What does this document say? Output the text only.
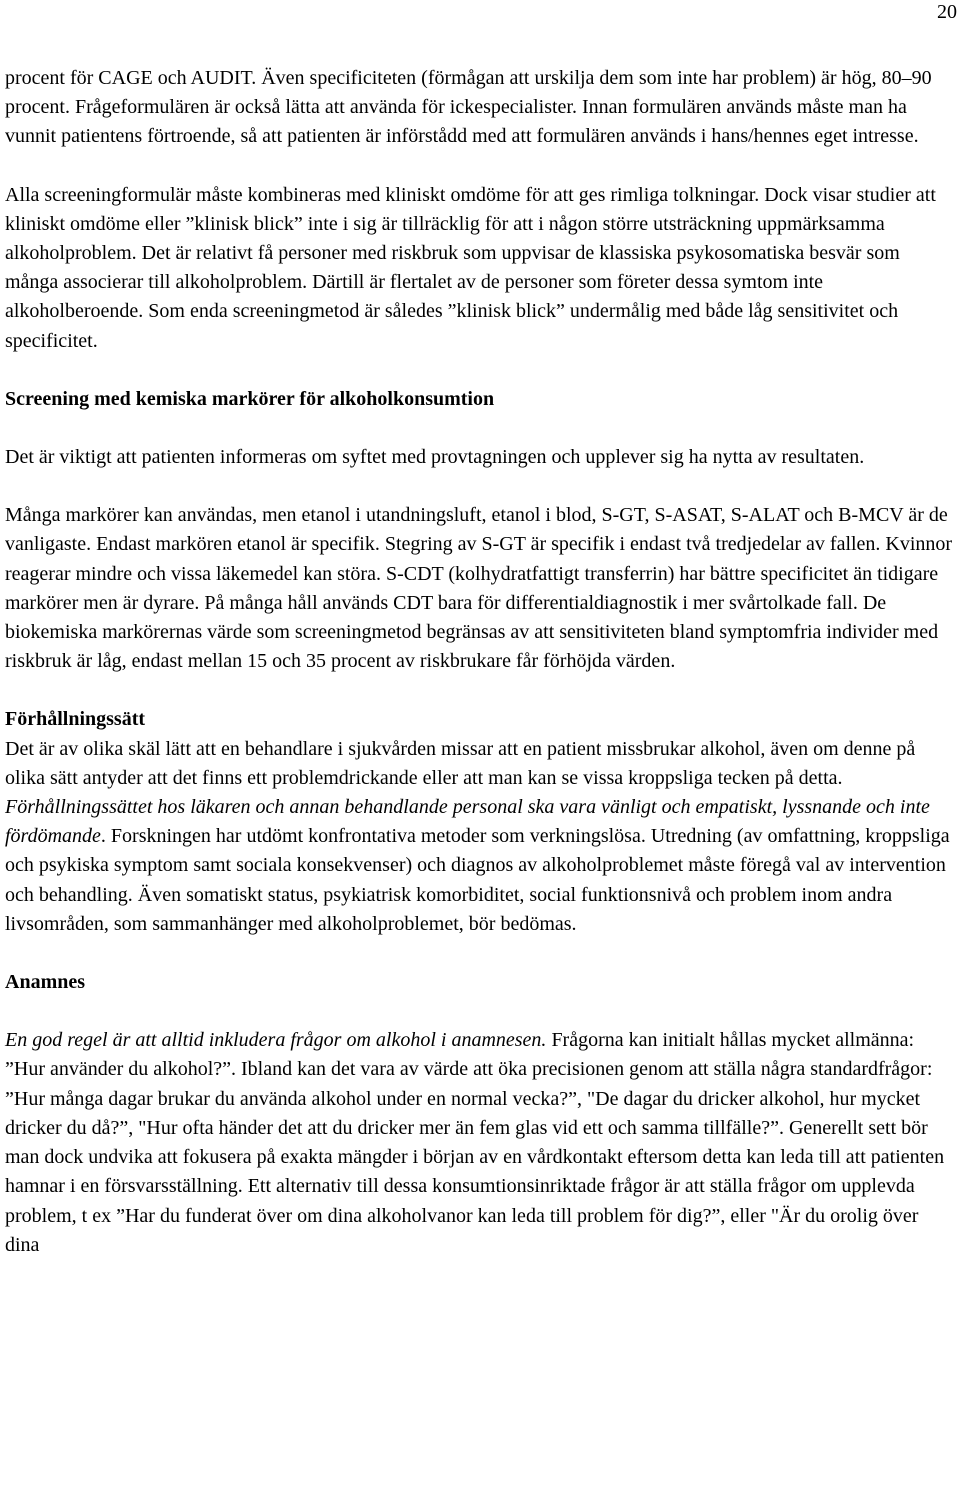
20

procent för CAGE och AUDIT. Även specificiteten (förmågan att urskilja dem som inte har problem) är hög, 80–90 procent. Frågeformulären är också lätta att använda för ickespecialister. Innan formulären används måste man ha vunnit patientens förtroende, så att patienten är införstådd med att formulären används i hans/hennes eget intresse.

Alla screeningformulär måste kombineras med kliniskt omdöme för att ges rimliga tolkningar. Dock visar studier att kliniskt omdöme eller ”klinisk blick” inte i sig är tillräcklig för att i någon större utsträckning uppmärksamma alkoholproblem. Det är relativt få personer med riskbruk som uppvisar de klassiska psykosomatiska besvär som många associerar till alkoholproblem. Därtill är flertalet av de personer som företer dessa symtom inte alkoholberoende. Som enda screeningmetod är således ”klinisk blick” undermålig med både låg sensitivitet och specificitet.

Screening med kemiska markörer för alkoholkonsumtion

Det är viktigt att patienten informeras om syftet med provtagningen och upplever sig ha nytta av resultaten.

Många markörer kan användas, men etanol i utandningsluft, etanol i blod, S-GT, S-ASAT, S-ALAT och B-MCV är de vanligaste. Endast markören etanol är specifik. Stegring av S-GT är specifik i endast två tredjedelar av fallen. Kvinnor reagerar mindre och vissa läkemedel kan störa. S-CDT (kolhydratfattigt transferrin) har bättre specificitet än tidigare markörer men är dyrare. På många håll används CDT bara för differentialdiagnostik i mer svårtolkade fall. De biokemiska markörernas värde som screeningmetod begränsas av att sensitiviteten bland symptomfria individer med riskbruk är låg, endast mellan 15 och 35 procent av riskbrukare får förhöjda värden.

Förhållningssätt

Det är av olika skäl lätt att en behandlare i sjukvården missar att en patient missbrukar alkohol, även om denne på olika sätt antyder att det finns ett problemdrickande eller att man kan se vissa kroppsliga tecken på detta. Förhållningssättet hos läkaren och annan behandlande personal ska vara vänligt och empatiskt, lyssnande och inte fördömande. Forskningen har utdömt konfrontativa metoder som verkningslösa. Utredning (av omfattning, kroppsliga och psykiska symptom samt sociala konsekvenser) och diagnos av alkoholproblemet måste föregå val av intervention och behandling. Även somatiskt status, psykiatrisk komorbiditet, social funktionsnivå och problem inom andra livsområden, som sammanhänger med alkoholproblemet, bör bedömas.

Anamnes

En god regel är att alltid inkludera frågor om alkohol i anamnesen. Frågorna kan initialt hållas mycket allmänna: ”Hur använder du alkohol?”. Ibland kan det vara av värde att öka precisionen genom att ställa några standardfrågor: ”Hur många dagar brukar du använda alkohol under en normal vecka?”, "De dagar du dricker alkohol, hur mycket dricker du då?”, "Hur ofta händer det att du dricker mer än fem glas vid ett och samma tillfälle?”. Generellt sett bör man dock undvika att fokusera på exakta mängder i början av en vårdkontakt eftersom detta kan leda till att patienten hamnar i en försvarsställning. Ett alternativ till dessa konsumtionsinriktade frågor är att ställa frågor om upplevda problem, t ex ”Har du funderat över om dina alkoholvanor kan leda till problem för dig?”, eller "Är du orolig över dina
